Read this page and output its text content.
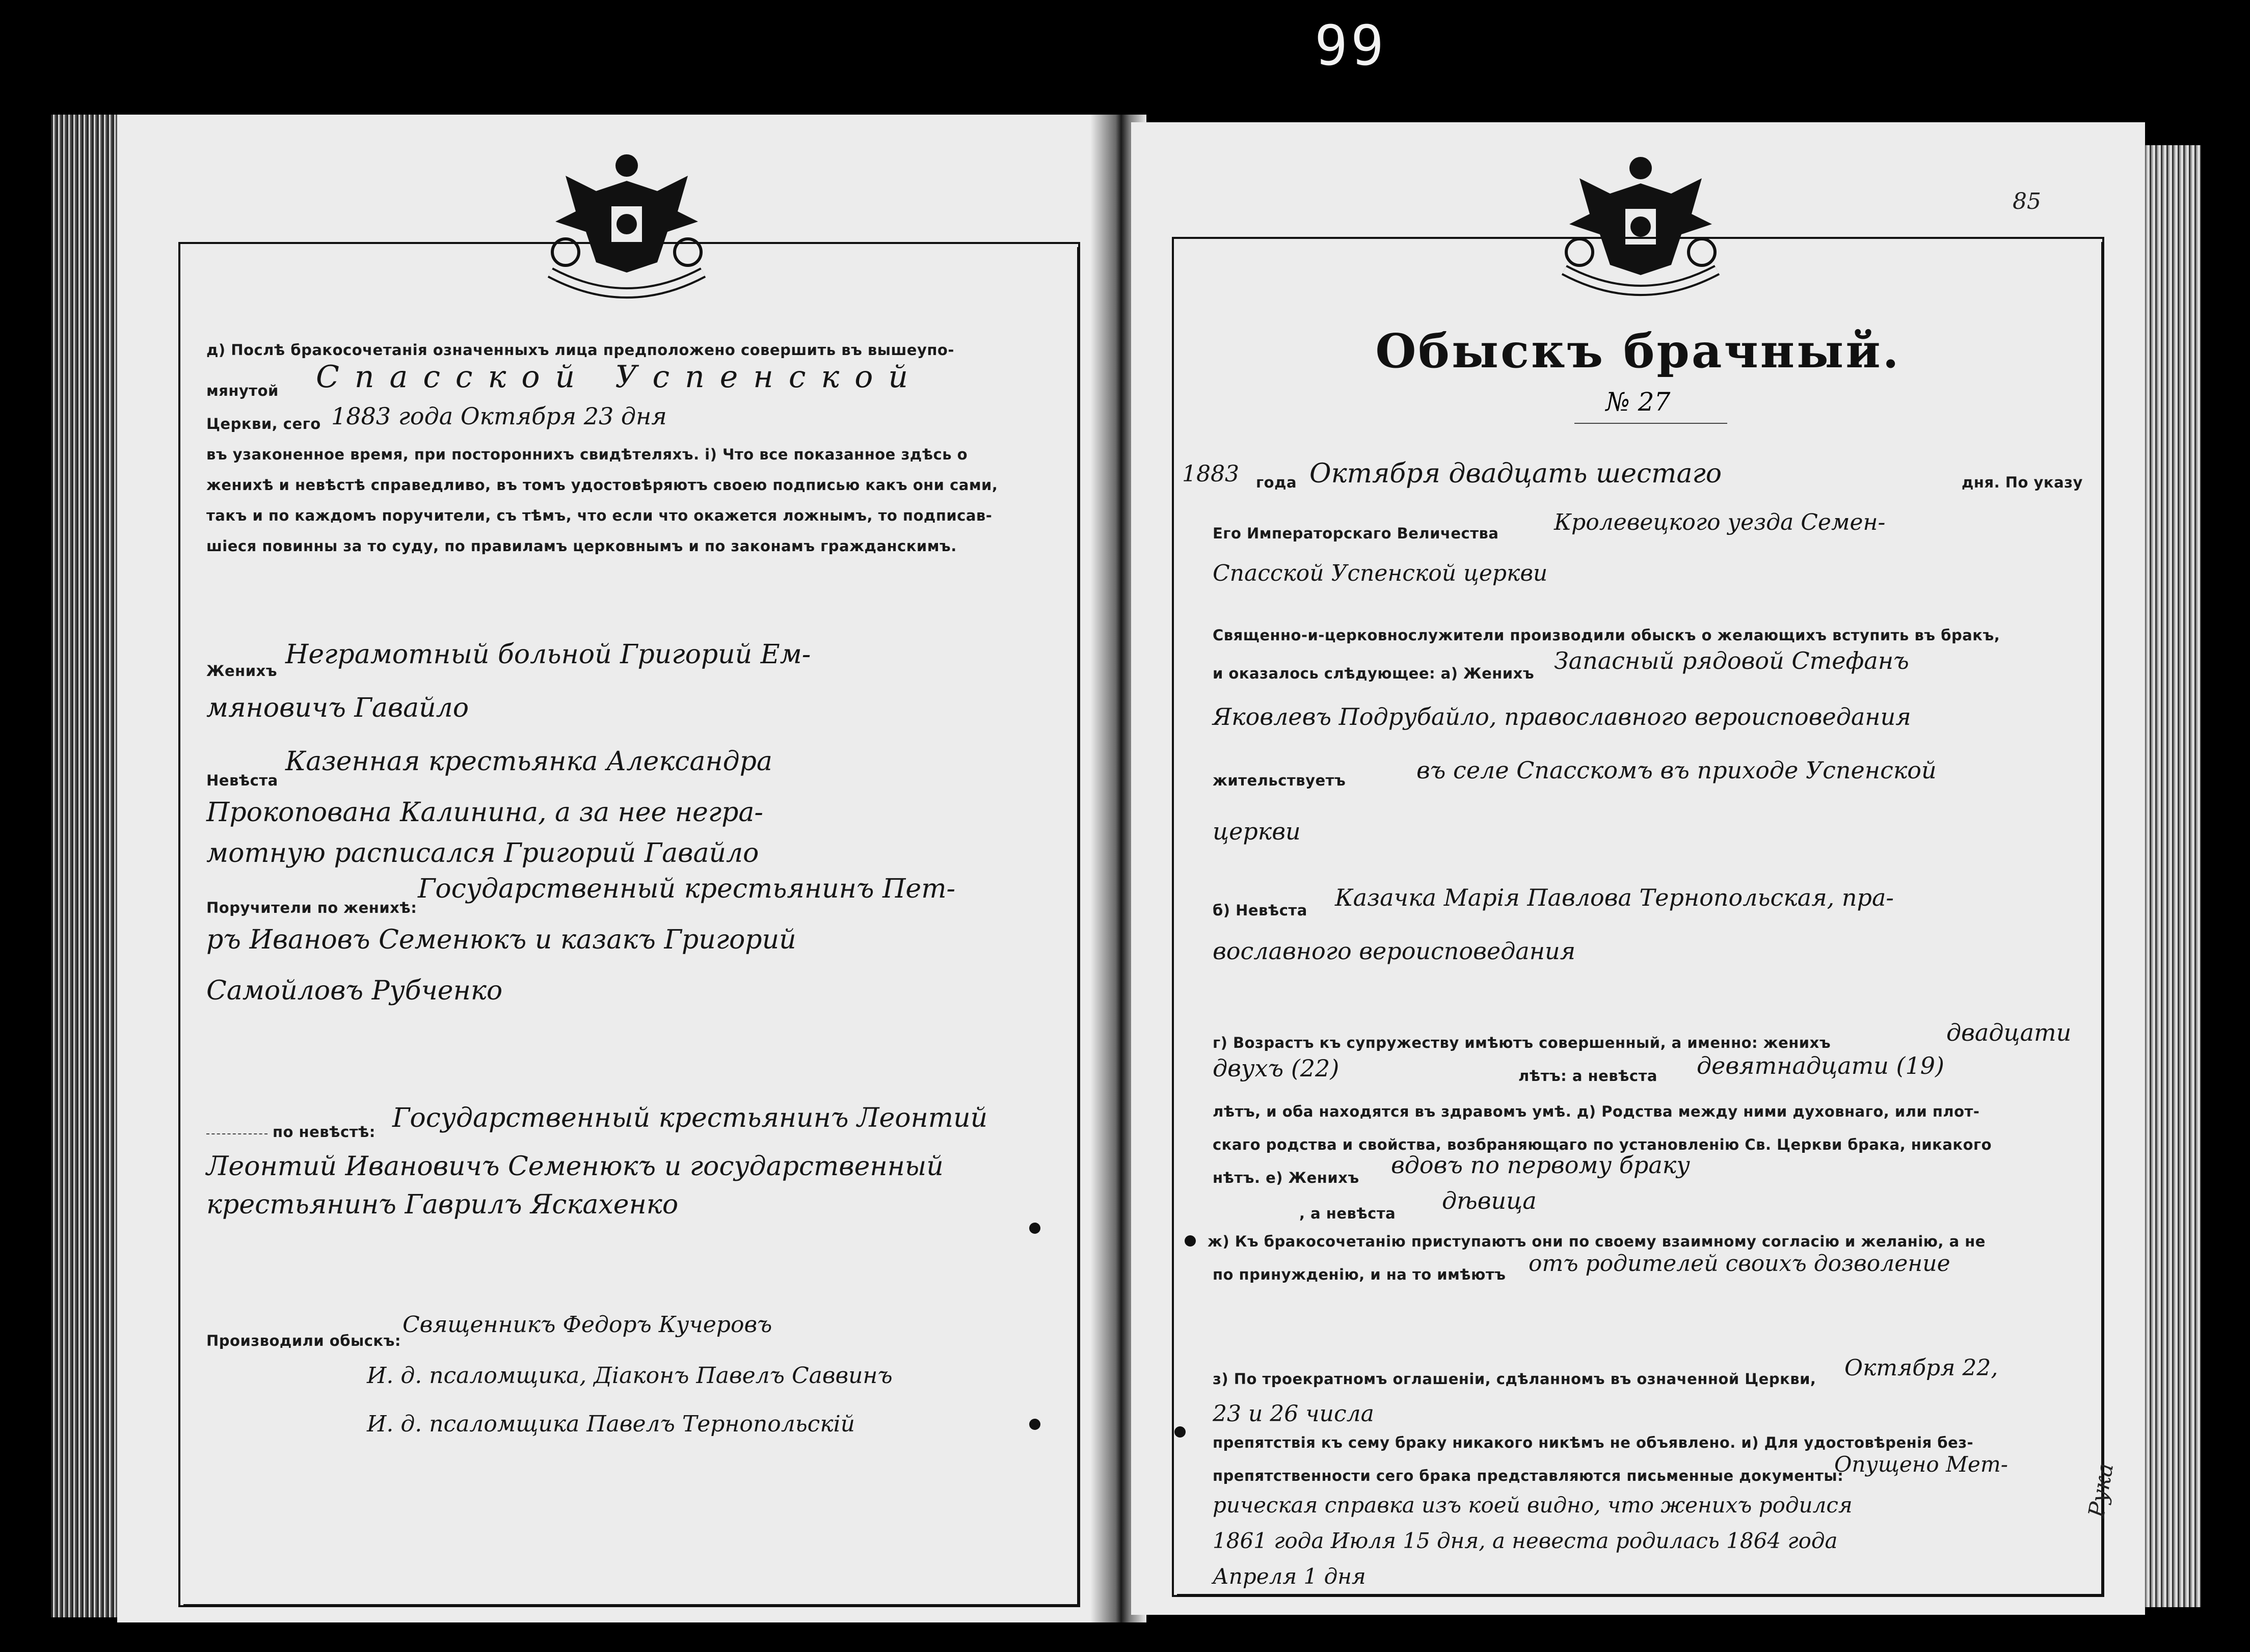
99
д) Послѣ бракосочетанія означенныхъ лица предположено совершить въ вышеупо-
мянутой Спасской Успенской
Церкви, сего 1883 года Октября 23 дня
въ узаконенное время, при постороннихъ свидѣтеляхъ. і) Что все показанное здѣсь о
женихѣ и невѣстѣ справедливо, въ томъ удостовѣряютъ своею подписью какъ они сами,
такъ и по каждомъ поручители, съ тѣмъ, что если что окажется ложнымъ, то подписав-
шіеся повинны за то суду, по правиламъ церковнымъ и по законамъ гражданскимъ.
Женихъ
Неграмотный больной Григорий Ем-
мяновичъ Гавайло
Невѣста
Казенная крестьянка Александра
Прокопована Калинина, а за нее негра-
мотную расписался Григорий Гавайло
Поручители по женихѣ:
Государственный крестьянинъ Пет-
ръ Ивановъ Семенюкъ и казакъ Григорий
Самойловъ Рубченко
по невѣстѣ: Государственный крестьянинъ Леонтий
Леонтий Ивановичъ Семенюкъ и государственный
крестьянинъ Гаврилъ Яскахенко
Производили обыскъ:
Священникъ Федоръ Кучеровъ
И. д. псаломщика, Діаконъ Павелъ Саввинъ
И. д. псаломщика Павелъ Тернопольскій
85
Обыскъ брачный.
№ 27
1883 года Октября двадцать шестаго	дня. По указу
Его Императорскаго Величества Кролевецкого уезда Семен-
Спасской Успенской церкви
Священно-и-церковнослужители производили обыскъ о желающихъ вступить въ бракъ,
и оказалось слѣдующее: а) Женихъ Запасный рядовой Стефанъ
Яковлевъ Подрубайло, православного вероисповедания
жительствуетъ	въ селе Спасскомъ въ приходе Успенской
церкви
б) Невѣста Казачка Марія Павлова Тернопольская, пра-
вославного вероисповедания
г) Возрастъ къ супружеству имѣютъ совершенный, а именно: женихъ	двадцати
двухъ (22)	лѣтъ: а невѣста девятнадцати (19)
лѣтъ, и оба находятся въ здравомъ умѣ. д) Родства между ними духовнаго, или плот-
скаго родства и свойства, возбраняющаго по установленію Св. Церкви брака, никакого
нѣтъ. е) Женихъ вдовъ по первому браку
, а невѣста дѣвица
ж) Къ бракосочетанію приступаютъ они по своему взаимному согласію и желанію, а не
по принужденію, и на то имѣютъ отъ родителей своихъ дозволение
з) По троекратномъ оглашеніи, сдѣланномъ въ означенной Церкви, Октября 22,
23 и 26 числа
препятствія къ сему браку никакого никѣмъ не объявлено. и) Для удостовѣренія без-
препятственности сего брака представляются письменные документы:
Опущено Мет-
рическая справка изъ коей видно, что женихъ родился
1861 года Июля 15 дня, а невеста родилась 1864 года
Апреля 1 дня
Рука
